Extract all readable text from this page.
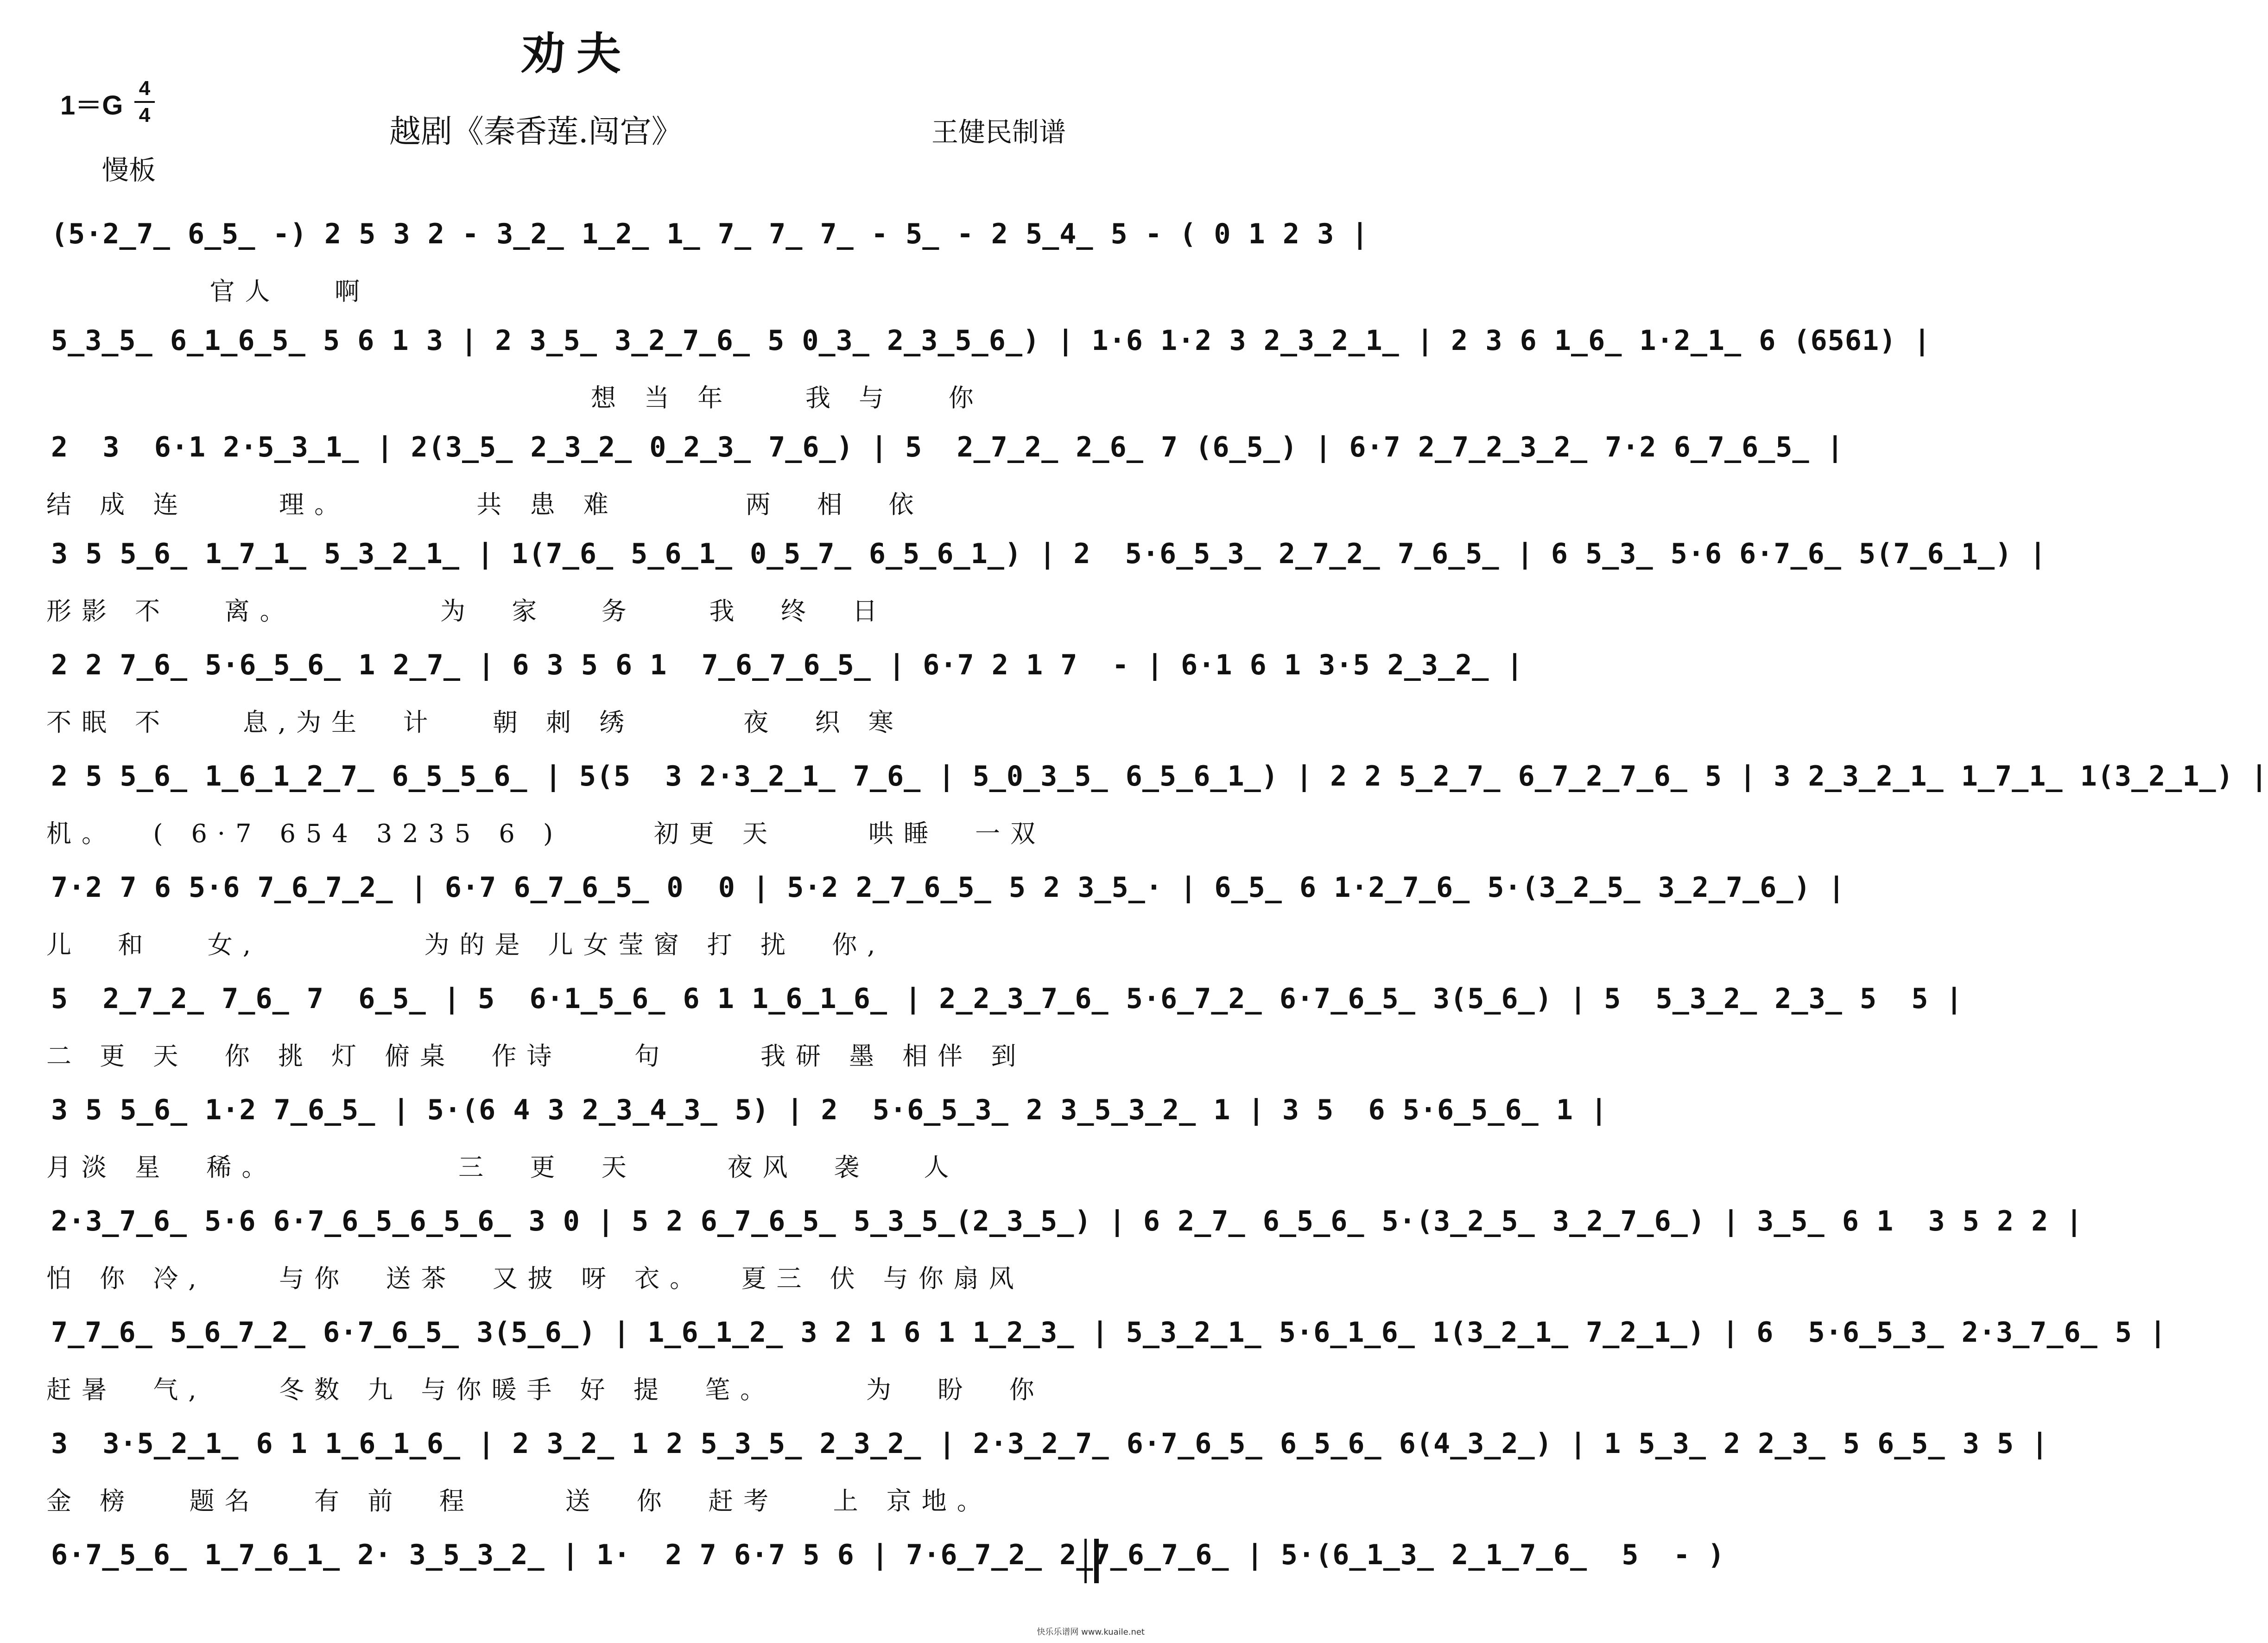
劝夫
1＝G
4
4
慢板
越剧《秦香莲.闯宫》	王健民制谱
(5·2̲7̲ 6̲5̲ -) 2 5 3 2 - 3̲2̲ 1̲2̲ 1̲ 7̲ 7̲ 7̲ - 5̲ - 2 5̲4̲ 5 - ( 0 1 2 3 |
官人   啊
5̲3̲5̲ 6̲1̲6̲5̲ 5 6 1 3 | 2 3̲5̲ 3̲2̲7̲6̲ 5 0̲3̲ 2̲3̲5̲6̲) | 1·6 1·2 3 2̲3̲2̲1̲ | 2 3 6 1̲6̲ 1·2̲1̲ 6 (6561) |
想 当 年    我 与   你
2  3  6·1 2·5̲3̲1̲ | 2(3̲5̲ 2̲3̲2̲ 0̲2̲3̲ 7̲6̲) | 5  2̲7̲2̲ 2̲6̲ 7 (6̲5̲) | 6·7 2̲7̲2̲3̲2̲ 7·2 6̲7̲6̲5̲ |
结 成 连     理。       共 患 难       两  相  依
3 5 5̲6̲ 1̲7̲1̲ 5̲3̲2̲1̲ | 1(7̲6̲ 5̲6̲1̲ 0̲5̲7̲ 6̲5̲6̲1̲) | 2  5·6̲5̲3̲ 2̲7̲2̲ 7̲6̲5̲ | 6 5̲3̲ 5·6 6·7̲6̲ 5(7̲6̲1̲) |
形影 不   离。        为  家   务    我  终  日
2 2 7̲6̲ 5·6̲5̲6̲ 1 2̲7̲ | 6 3 5 6 1  7̲6̲7̲6̲5̲ | 6·7 2 1 7  - | 6·1 6 1 3·5 2̲3̲2̲ |
不眠 不    息,为生  计   朝 刺 绣      夜  织 寒
2 5 5̲6̲ 1̲6̲1̲2̲7̲ 6̲5̲5̲6̲ | 5(5  3 2·3̲2̲1̲ 7̲6̲ | 5̲0̲3̲5̲ 6̲5̲6̲1̲) | 2 2 5̲2̲7̲ 6̲7̲2̲7̲6̲ 5 | 3 2̲3̲2̲1̲ 1̲7̲1̲ 1(3̲2̲1̲) |
机。  ( 6·7 654 3235 6 )     初更 天     哄睡  一双
7·2 7 6 5·6 7̲6̲7̲2̲ | 6·7 6̲7̲6̲5̲ 0  0 | 5·2 2̲7̲6̲5̲ 5 2 3̲5̲· | 6̲5̲ 6 1·2̲7̲6̲ 5·(3̲2̲5̲ 3̲2̲7̲6̲) |
儿  和   女,         为的是 儿女莹窗 打 扰  你,
5  2̲7̲2̲ 7̲6̲ 7  6̲5̲ | 5  6·1̲5̲6̲ 6 1 1̲6̲1̲6̲ | 2̲2̲3̲7̲6̲ 5·6̲7̲2̲ 6·7̲6̲5̲ 3(5̲6̲) | 5  5̲3̲2̲ 2̲3̲ 5  5 |
二 更 天  你 挑 灯 俯桌  作诗    句     我研 墨 相伴 到
3 5 5̲6̲ 1·2 7̲6̲5̲ | 5·(6 4 3 2̲3̲4̲3̲ 5) | 2  5·6̲5̲3̲ 2 3̲5̲3̲2̲ 1 | 3 5  6 5·6̲5̲6̲ 1 |
月淡 星  稀。          三  更  天     夜风  袭   人
2·3̲7̲6̲ 5·6 6·7̲6̲5̲6̲5̲6̲ 3 0 | 5 2 6̲7̲6̲5̲ 5̲3̲5̲(2̲3̲5̲) | 6 2̲7̲ 6̲5̲6̲ 5·(3̲2̲5̲ 3̲2̲7̲6̲) | 3̲5̲ 6 1  3 5 2 2 |
怕 你 冷,    与你  送茶  又披 呀 衣。  夏三 伏 与你扇风
7̲7̲6̲ 5̲6̲7̲2̲ 6·7̲6̲5̲ 3(5̲6̲) | 1̲6̲1̲2̲ 3 2 1 6 1 1̲2̲3̲ | 5̲3̲2̲1̲ 5·6̲1̲6̲ 1(3̲2̲1̲ 7̲2̲1̲) | 6  5·6̲5̲3̲ 2·3̲7̲6̲ 5 |
赶暑  气,    冬数 九 与你暖手 好 提  笔。     为  盼  你
3  3·5̲2̲1̲ 6 1 1̲6̲1̲6̲ | 2 3̲2̲ 1 2 5̲3̲5̲ 2̲3̲2̲ | 2·3̲2̲7̲ 6·7̲6̲5̲ 6̲5̲6̲ 6(4̲3̲2̲) | 1 5̲3̲ 2 2̲3̲ 5 6̲5̲ 3 5 |
金 榜   题名   有 前  程     送  你  赶考   上 京地。
6·7̲5̲6̲ 1̲7̲6̲1̲ 2· 3̲5̲3̲2̲ | 1·  2 7 6·7 5 6 | 7·6̲7̲2̲ 2̲7̲6̲7̲6̲ | 5·(6̲1̲3̲ 2̲1̲7̲6̲  5  - )
快乐乐谱网 www.kuaile.net
